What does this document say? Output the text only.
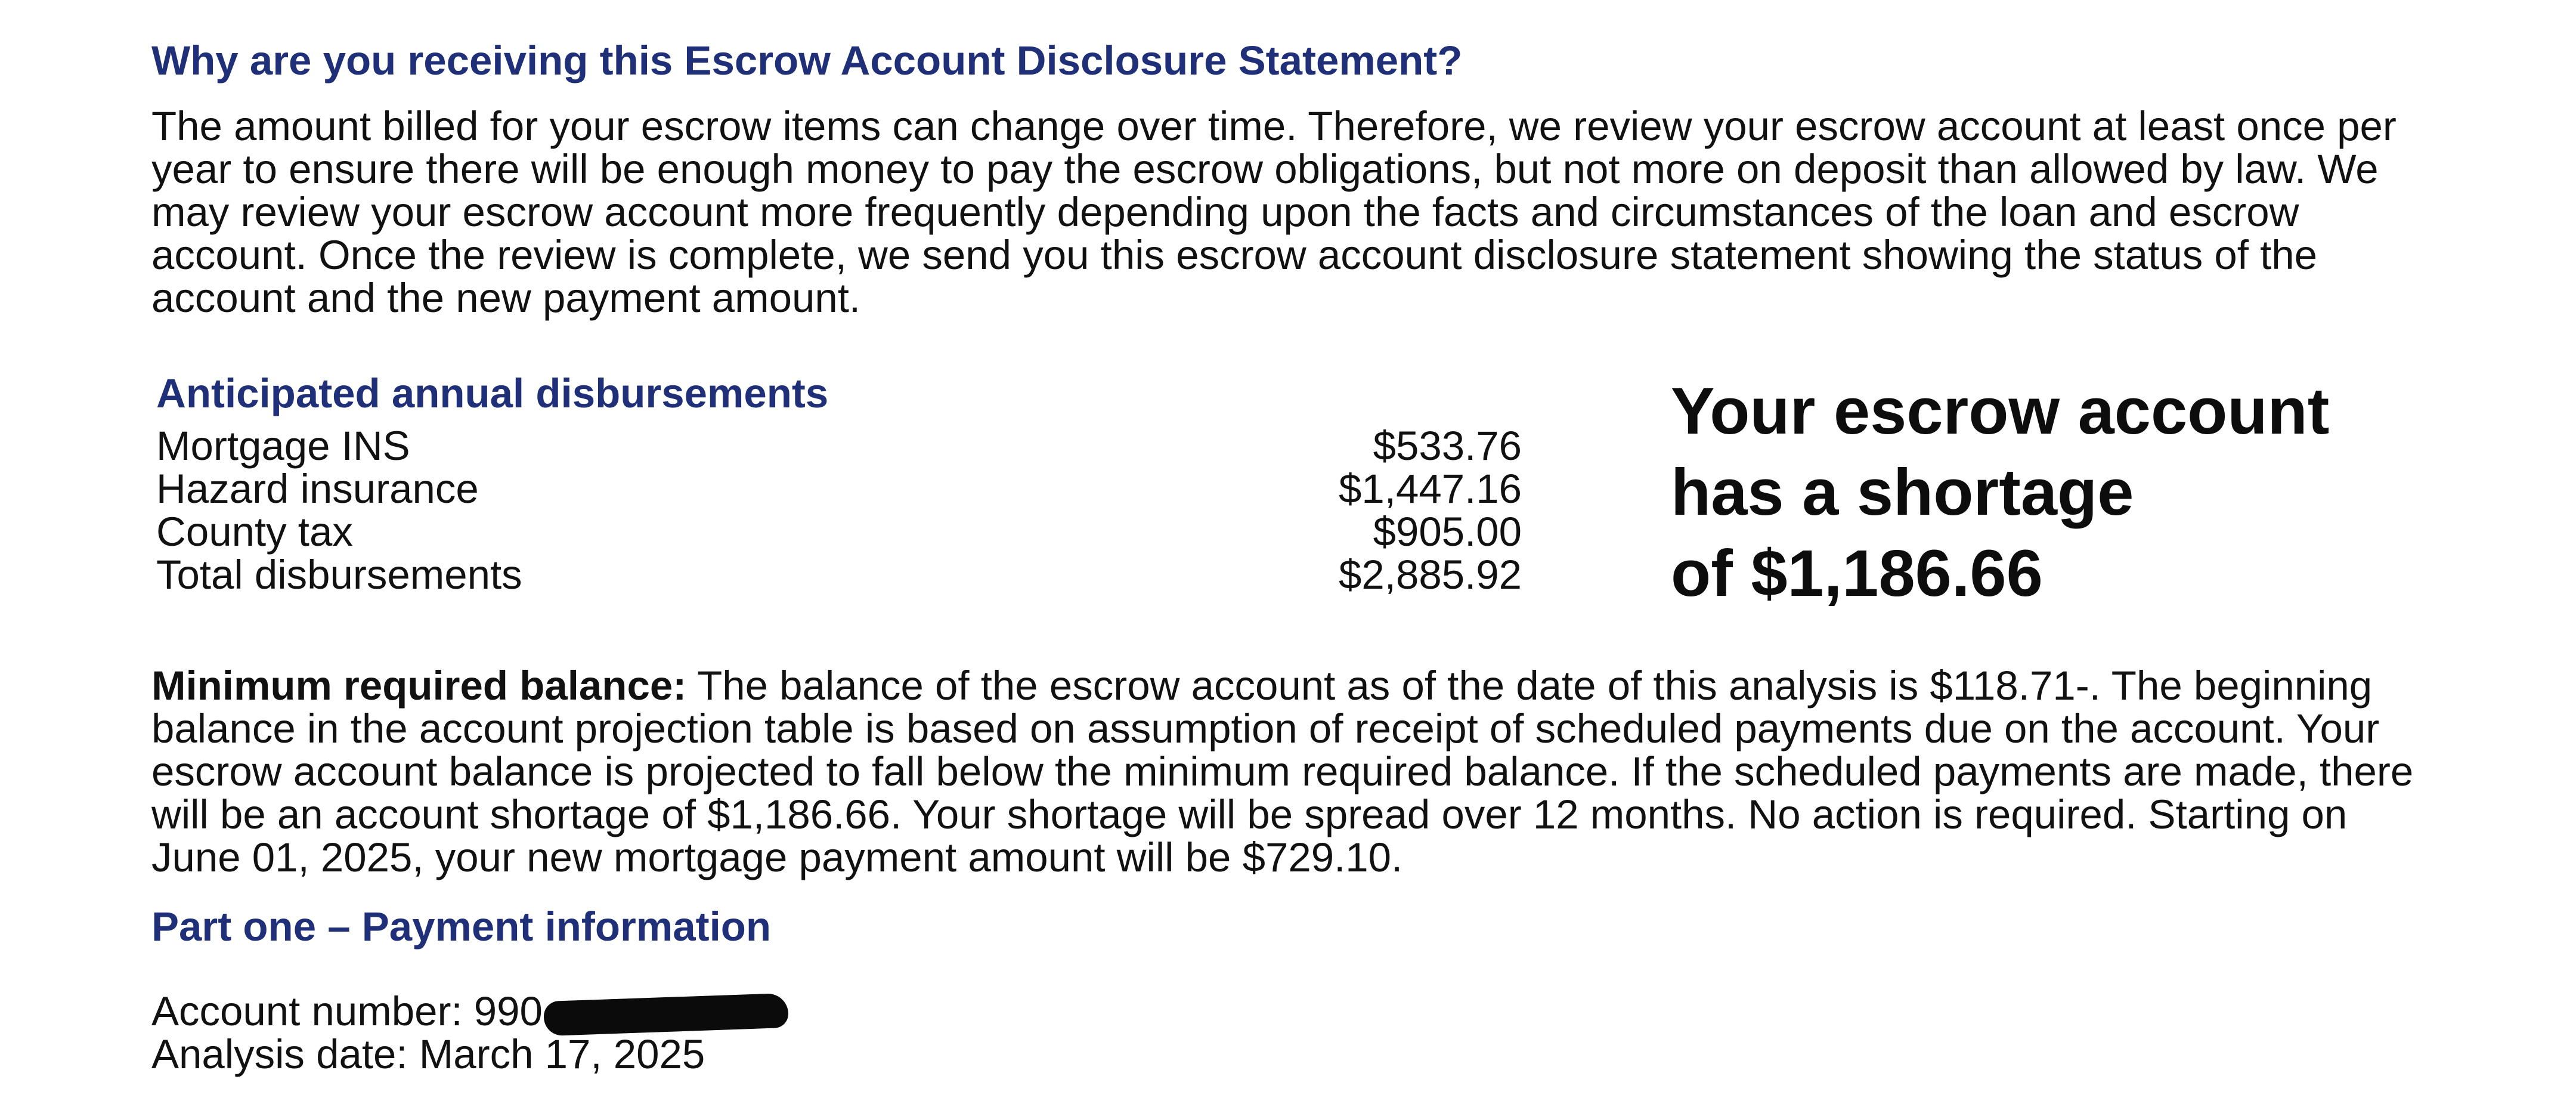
Why are you receiving this Escrow Account Disclosure Statement?
The amount billed for your escrow items can change over time. Therefore, we review your escrow account at least once per year to ensure there will be enough money to pay the escrow obligations, but not more on deposit than allowed by law. We may review your escrow account more frequently depending upon the facts and circumstances of the loan and escrow account. Once the review is complete, we send you this escrow account disclosure statement showing the status of the account and the new payment amount.
Anticipated annual disbursements
Mortgage INS	$533.76
Hazard insurance	$1,447.16
County tax	$905.00
Total disbursements	$2,885.92
Your escrow account
has a shortage
of $1,186.66
Minimum required balance: The balance of the escrow account as of the date of this analysis is $118.71-. The beginning balance in the account projection table is based on assumption of receipt of scheduled payments due on the account. Your escrow account balance is projected to fall below the minimum required balance. If the scheduled payments are made, there will be an account shortage of $1,186.66. Your shortage will be spread over 12 months. No action is required. Starting on June 01, 2025, your new mortgage payment amount will be $729.10.
Part one – Payment information
Account number: 990
Analysis date: March 17, 2025
